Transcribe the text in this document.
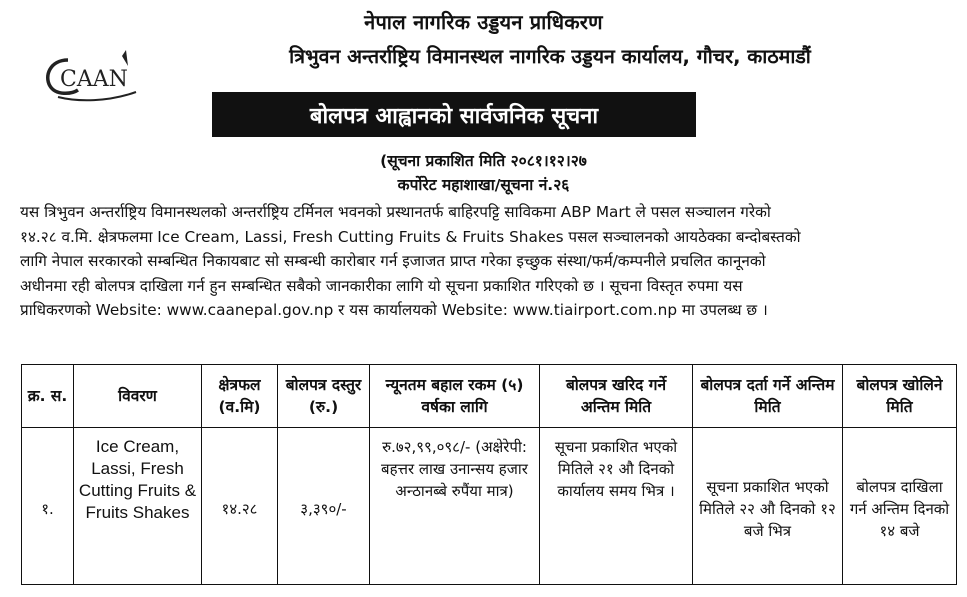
CAAN
नेपाल नागरिक उड्डयन प्राधिकरण
त्रिभुवन अन्तर्राष्ट्रिय विमानस्थल नागरिक उड्डयन कार्यालय, गौचर, काठमाडौं
बोलपत्र आह्वानको सार्वजनिक सूचना
(सूचना प्रकाशित मिति २०८१।१२।२७
कर्पोरेट महाशाखा/सूचना नं.२६
यस त्रिभुवन अन्तर्राष्ट्रिय विमानस्थलको अन्तर्राष्ट्रिय टर्मिनल भवनको प्रस्थानतर्फ बाहिरपट्टि साविकमा ABP Mart ले पसल सञ्चालन गरेको
१४.२८ व.मि. क्षेत्रफलमा Ice Cream, Lassi, Fresh Cutting Fruits & Fruits Shakes पसल सञ्चालनको आयठेक्का बन्दोबस्तको
लागि नेपाल सरकारको सम्बन्धित निकायबाट सो सम्बन्धी कारोबार गर्न इजाजत प्राप्त गरेका इच्छुक संस्था/फर्म/कम्पनीले प्रचलित कानूनको
अधीनमा रही बोलपत्र दाखिला गर्न हुन सम्बन्धित सबैको जानकारीका लागि यो सूचना प्रकाशित गरिएको छ । सूचना विस्तृत रुपमा यस
प्राधिकरणको Website: www.caanepal.gov.np र यस कार्यालयको Website: www.tiairport.com.np मा उपलब्ध छ ।
क्र. स.	विवरण	क्षेत्रफल (व.मि)	बोलपत्र दस्तुर (रु.)	न्यूनतम बहाल रकम (५) वर्षका लागि	बोलपत्र खरिद गर्ने अन्तिम मिति	बोलपत्र दर्ता गर्ने अन्तिम मिति	बोलपत्र खोलिने मिति
१.	Ice Cream, Lassi, Fresh Cutting Fruits & Fruits Shakes	१४.२८	३,३९०/-	रु.७२,९९,०९८/- (अक्षेरेपी: बहत्तर लाख उनान्सय हजार अन्ठानब्बे रुपैंया मात्र)	सूचना प्रकाशित भएको मितिले २१ औ दिनको कार्यालय समय भित्र ।	सूचना प्रकाशित भएको मितिले २२ औ दिनको १२ बजे भित्र	बोलपत्र दाखिला गर्न अन्तिम दिनको १४ बजे
